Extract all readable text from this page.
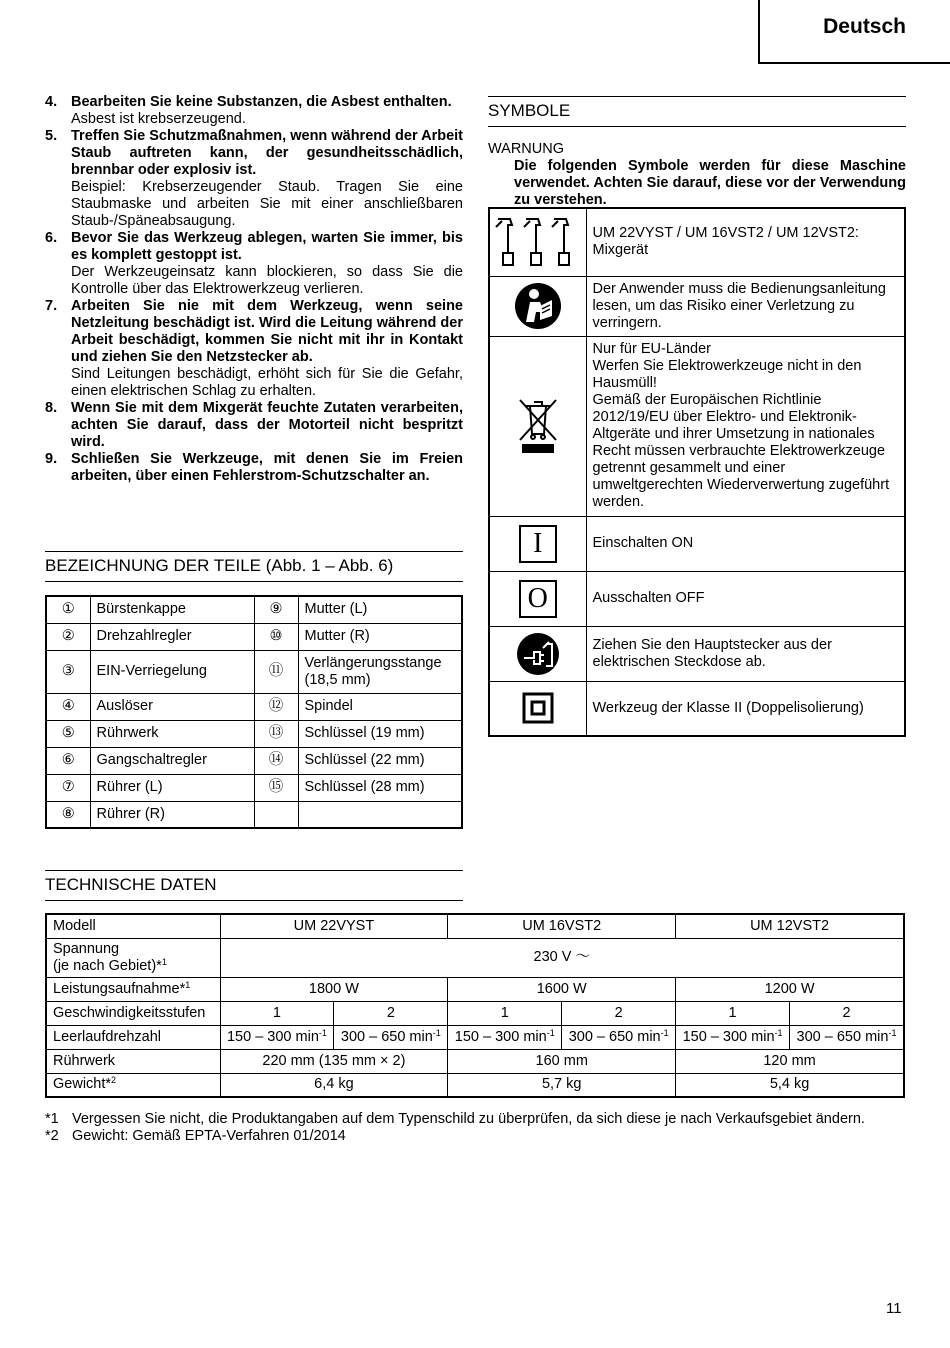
Deutsch
4. Bearbeiten Sie keine Substanzen, die Asbest enthalten.
Asbest ist krebserzeugend.
5. Treffen Sie Schutzmaßnahmen, wenn während der Arbeit Staub auftreten kann, der gesundheitsschädlich, brennbar oder explosiv ist.
Beispiel: Krebserzeugender Staub. Tragen Sie eine Staubmaske und arbeiten Sie mit einer anschließbaren Staub-/Späneabsaugung.
6. Bevor Sie das Werkzeug ablegen, warten Sie immer, bis es komplett gestoppt ist.
Der Werkzeugeinsatz kann blockieren, so dass Sie die Kontrolle über das Elektrowerkzeug verlieren.
7. Arbeiten Sie nie mit dem Werkzeug, wenn seine Netzleitung beschädigt ist. Wird die Leitung während der Arbeit beschädigt, kommen Sie nicht mit ihr in Kontakt und ziehen Sie den Netzstecker ab.
Sind Leitungen beschädigt, erhöht sich für Sie die Gefahr, einen elektrischen Schlag zu erhalten.
8. Wenn Sie mit dem Mixgerät feuchte Zutaten verarbeiten, achten Sie darauf, dass der Motorteil nicht bespritzt wird.
9. Schließen Sie Werkzeuge, mit denen Sie im Freien arbeiten, über einen Fehlerstrom-Schutzschalter an.
BEZEICHNUNG DER TEILE (Abb. 1 – Abb. 6)
①	Bürstenkappe	⑨	Mutter (L)
②	Drehzahlregler	⑩	Mutter (R)
③	EIN-Verriegelung	⑪	Verlängerungsstange (18,5 mm)
④	Auslöser	⑫	Spindel
⑤	Rührwerk	⑬	Schlüssel (19 mm)
⑥	Gangschaltregler	⑭	Schlüssel (22 mm)
⑦	Rührer (L)	⑮	Schlüssel (28 mm)
⑧	Rührer (R)		
TECHNISCHE DATEN
Modell	UM 22VYST		UM 16VST2		UM 12VST2	
Spannung
(je nach Gebiet)*$^1$	230 V ～					
Leistungsaufnahme*$^1$	1800 W		1600 W		1200 W	
Geschwindigkeitsstufen	1	2	1	2	1	2
Leerlaufdrehzahl	150 – 300 $\min^{-1}$	300 – 650 $\min^{-1}$	150 – 300 $\min^{-1}$	300 – 650 $\min^{-1}$	150 – 300 $\min^{-1}$	300 – 650 $\min^{-1}$
Rührwerk	220 mm (135 mm × 2)		160 mm		120 mm	
Gewicht*$^2$	6,4 kg		5,7 kg		5,4 kg	
*1 Vergessen Sie nicht, die Produktangaben auf dem Typenschild zu überprüfen, da sich diese je nach Verkaufsgebiet ändern.
*2 Gewicht: Gemäß EPTA-Verfahren 01/2014
SYMBOLE
WARNUNG
Die folgenden Symbole werden für diese Maschine verwendet. Achten Sie darauf, diese vor der Verwendung zu verstehen.
	UM 22VYST / UM 16VST2 / UM 12VST2:
Mixgerät

	Der Anwender muss die Bedienungsanleitung lesen, um das Risiko einer Verletzung zu verringern.

	Nur für EU-Länder
Werfen Sie Elektrowerkzeuge nicht in den Hausmüll!
Gemäß der Europäischen Richtlinie 2012/19/EU über Elektro- und Elektronik-Altgeräte und ihrer Umsetzung in nationales Recht müssen verbrauchte Elektrowerkzeuge getrennt gesammelt und einer umweltgerechten Wiederverwertung zugeführt werden.

I	Einschalten ON

O	Ausschalten OFF

	Ziehen Sie den Hauptstecker aus der elektrischen Steckdose ab.

	Werkzeug der Klasse II (Doppelisolierung)
11
